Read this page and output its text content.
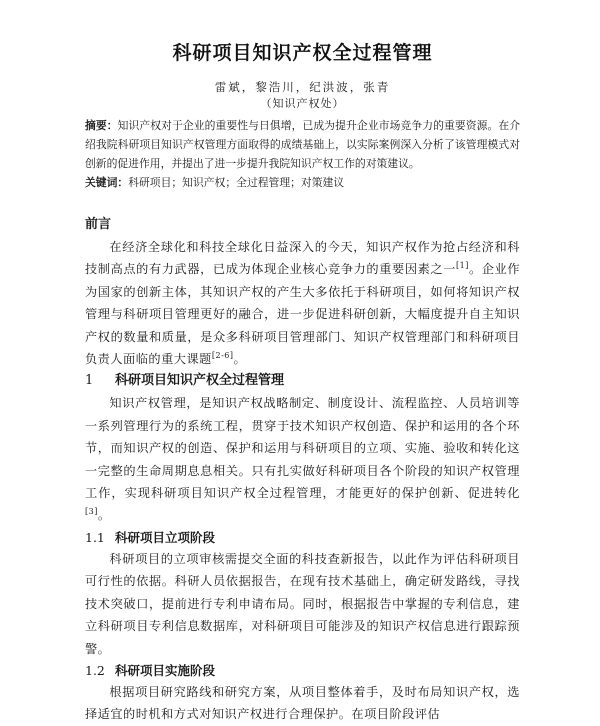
科研项目知识产权全过程管理

雷斌，黎浩川，纪洪波，张青

（知识产权处）

摘要：知识产权对于企业的重要性与日俱增，已成为提升企业市场竞争力的重要资源。在介绍我院科研项目知识产权管理方面取得的成绩基础上，以实际案例深入分析了该管理模式对创新的促进作用，并提出了进一步提升我院知识产权工作的对策建议。

关键词：科研项目；知识产权；全过程管理；对策建议

前言

在经济全球化和科技全球化日益深入的今天，知识产权作为抢占经济和科技制高点的有力武器，已成为体现企业核心竞争力的重要因素之一[1]。企业作为国家的创新主体，其知识产权的产生大多依托于科研项目，如何将知识产权管理与科研项目管理更好的融合，进一步促进科研创新，大幅度提升自主知识产权的数量和质量，是众多科研项目管理部门、知识产权管理部门和科研项目负责人面临的重大课题[2-6]。

1 科研项目知识产权全过程管理

知识产权管理，是知识产权战略制定、制度设计、流程监控、人员培训等一系列管理行为的系统工程，贯穿于技术知识产权创造、保护和运用的各个环节，而知识产权的创造、保护和运用与科研项目的立项、实施、验收和转化这一完整的生命周期息息相关。只有扎实做好科研项目各个阶段的知识产权管理工作，实现科研项目知识产权全过程管理，才能更好的保护创新、促进转化[3]。

1.1 科研项目立项阶段

科研项目的立项审核需提交全面的科技查新报告，以此作为评估科研项目可行性的依据。科研人员依据报告，在现有技术基础上，确定研发路线，寻找技术突破口，提前进行专利申请布局。同时，根据报告中掌握的专利信息，建立科研项目专利信息数据库，对科研项目可能涉及的知识产权信息进行跟踪预警。

1.2 科研项目实施阶段

根据项目研究路线和研究方案，从项目整体着手，及时布局知识产权，选择适宜的时机和方式对知识产权进行合理保护。在项目阶段评估
